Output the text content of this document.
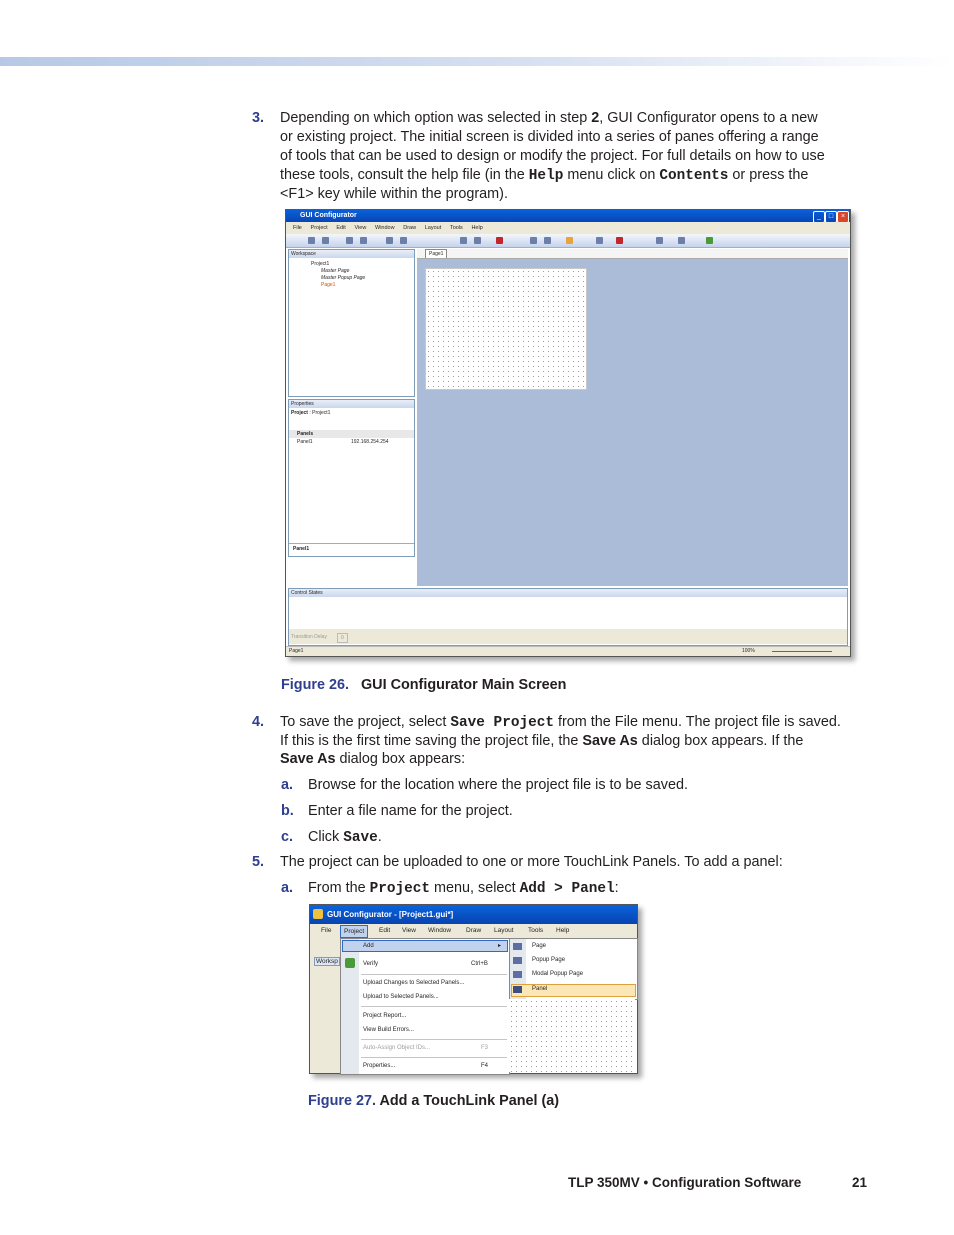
3. Depending on which option was selected in step 2, GUI Configurator opens to a new
or existing project. The initial screen is divided into a series of panes offering a range
of tools that can be used to design or modify the project. For full details on how to use
these tools, consult the help file (in the Help menu click on Contents or press the
<F1> key while within the program).
GUI Configurator	_	□	×
File Project Edit View Window Draw Layout Tools Help
Workspace
Project1
Master Page
Master Popup Page
Page1
Properties
Project : Project1
Panels
Panel1	192.168.254.254
Panel1
Page1
Control States
Transition Delay	0
Page1	100%
Figure 26. GUI Configurator Main Screen
4. To save the project, select Save Project from the File menu. The project file is saved.
If this is the first time saving the project file, the Save As dialog box appears. If the
Save As dialog box appears:
a. Browse for the location where the project file is to be saved.
b. Enter a file name for the project.
c. Click Save.
5. The project can be uploaded to one or more TouchLink Panels. To add a panel:
a. From the Project menu, select Add > Panel:
GUI Configurator - [Project1.gui*]
File	Project	Edit View Window Draw Layout Tools Help
Worksp
Add	▸
Verify	Ctrl+B
Upload Changes to Selected Panels...
Upload to Selected Panels...
Project Report...
View Build Errors...
Auto-Assign Object IDs...	F3
Properties...	F4
Page
Popup Page
Modal Popup Page
Panel
Figure 27. Add a TouchLink Panel (a)
TLP 350MV • Configuration Software	21
